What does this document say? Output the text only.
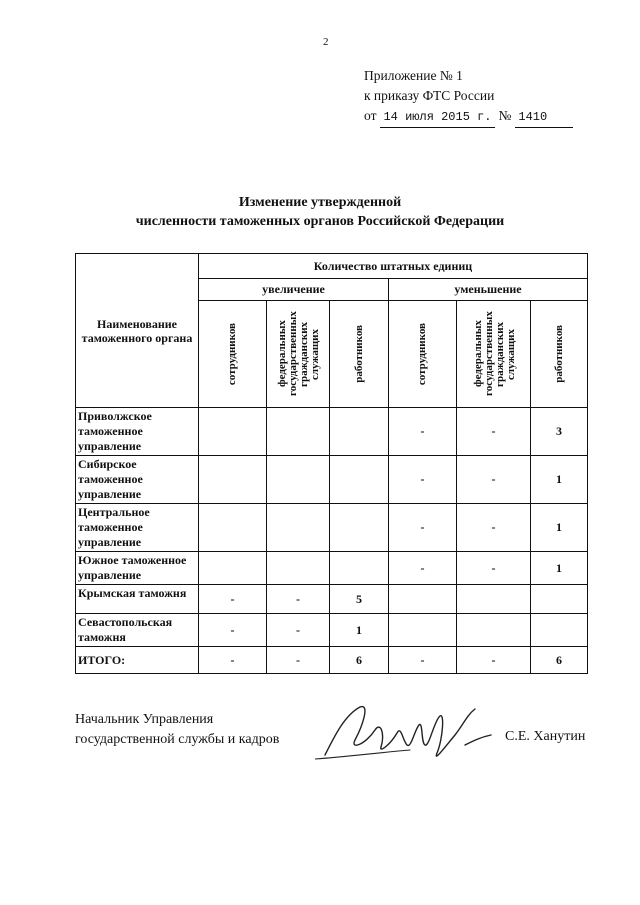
2
Приложение № 1
к приказу ФТС России
от 14 июля 2015 г. № 1410
Изменение утвержденной
численности таможенных органов Российской Федерации
Наименование таможенного органа	Количество штатных единиц					
	увеличение			уменьшение		

	сотрудников	федеральных государственных гражданских служащих	работников	сотрудников	федеральных государственных гражданских служащих	работников

Приволжское таможенное управление				-	-	3
Сибирское таможенное управление				-	-	1
Центральное таможенное управление				-	-	1
Южное таможенное управление				-	-	1
Крымская таможня	-	-	5			
Севастопольская таможня	-	-	1			
ИТОГО:	-	-	6	-	-	6
Начальник Управления
государственной службы и кадров	С.Е. Ханутин
